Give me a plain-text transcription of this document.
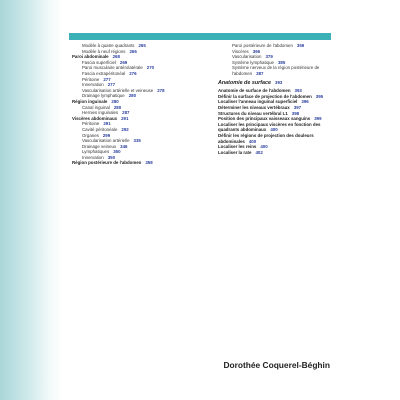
Modèle à quatre quadrants 265
Modèle à neuf régions 266
Paroi abdominale 268
Fascia superficiel 269
Paroi musculaire antérolatérale 270
Fascia extrapéritonéal 276
Péritoine 277
Innervation 277
Vascularisation artérielle et veineuse 278
Drainage lymphatique 280
Région inguinale 280
Canal inguinal 280
Hernies inguinales 287
Viscères abdominaux 291
Péritoine 291
Cavité péritonéale 292
Organes 299
Vascularisation artérielle 335
Drainage veineux 346
Lymphatiques 350
Innervation 350
Région postérieure de l'abdomen 358
Paroi postérieure de l'abdomen 359
Viscères 366
Vascularisation 379
Système lymphatique 385
Système nerveux de la région postérieure de l'abdomen 387
Anatomie de surface 393
Anatomie de surface de l'abdomen 393
Définir la surface de projection de l'abdomen 395
Localiser l'anneau inguinal superficiel 396
Déterminer les niveaux vertébraux 397
Structures du niveau vertébral L1 398
Position des principaux vaisseaux sanguins 399
Localiser les principaux viscères en fonction des quadrants abdominaux 400
Définir les régions de projection des douleurs abdominales 400
Localiser les reins 400
Localiser la rate 402
Dorothée Coquerel-Béghin
